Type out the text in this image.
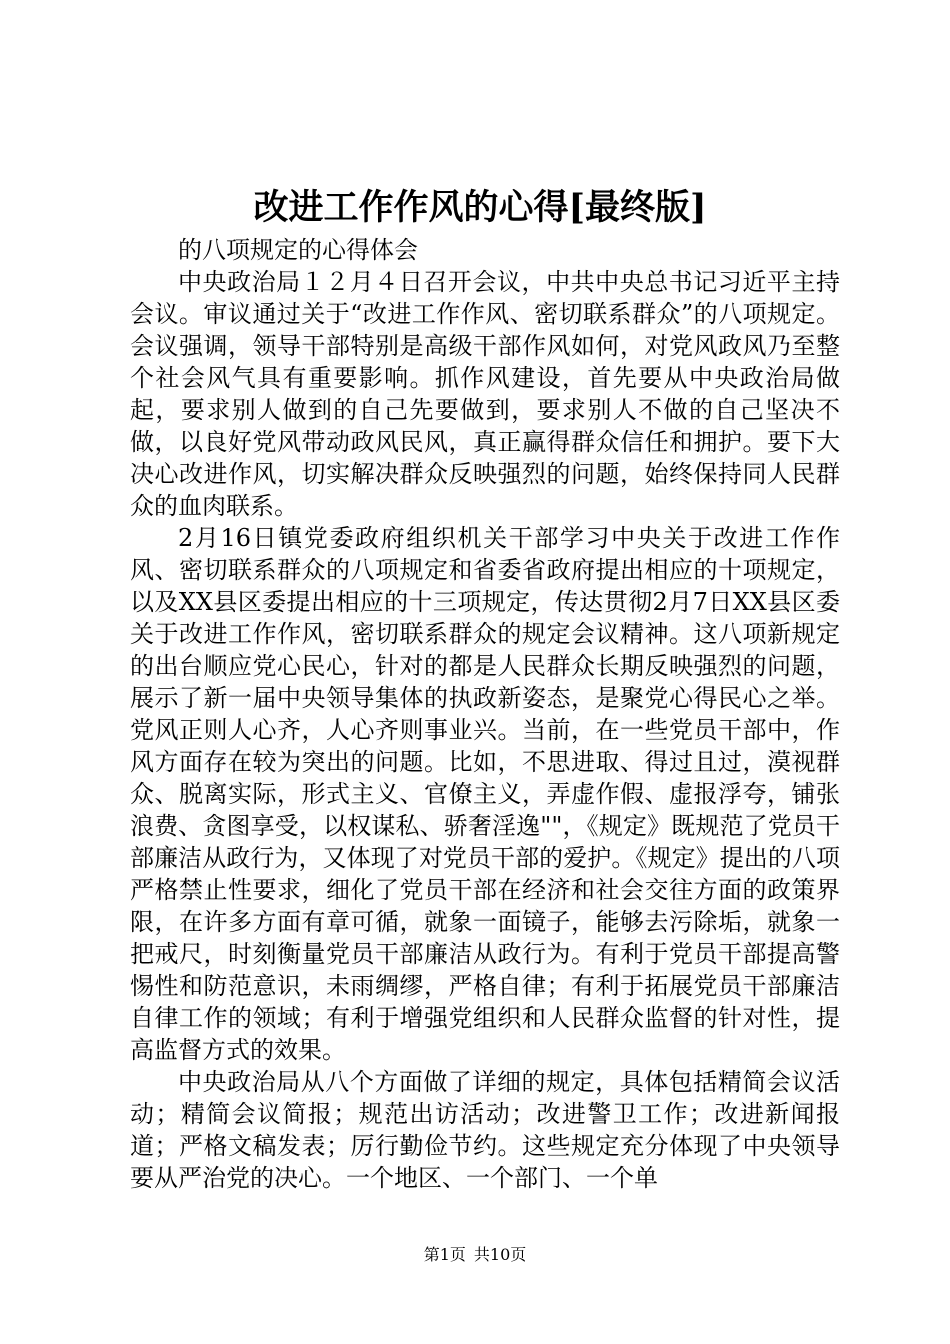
改进工作作风的心得[最终版]

的八项规定的心得体会

中央政治局１２月４日召开会议，中共中央总书记习近平主持会议。审议通过关于“改进工作作风、密切联系群众”的八项规定。会议强调，领导干部特别是高级干部作风如何，对党风政风乃至整个社会风气具有重要影响。抓作风建设，首先要从中央政治局做起，要求别人做到的自己先要做到，要求别人不做的自己坚决不做，以良好党风带动政风民风，真正赢得群众信任和拥护。要下大决心改进作风，切实解决群众反映强烈的问题，始终保持同人民群众的血肉联系。

2月16日镇党委政府组织机关干部学习中央关于改进工作作风、密切联系群众的八项规定和省委省政府提出相应的十项规定，以及XX县区委提出相应的十三项规定，传达贯彻2月7日XX县区委关于改进工作作风，密切联系群众的规定会议精神。这八项新规定的出台顺应党心民心，针对的都是人民群众长期反映强烈的问题，展示了新一届中央领导集体的执政新姿态，是聚党心得民心之举。党风正则人心齐，人心齐则事业兴。当前，在一些党员干部中，作风方面存在较为突出的问题。比如，不思进取、得过且过，漠视群众、脱离实际，形式主义、官僚主义，弄虚作假、虚报浮夸，铺张浪费、贪图享受，以权谋私、骄奢淫逸""，《规定》既规范了党员干部廉洁从政行为，又体现了对党员干部的爱护。《规定》提出的八项严格禁止性要求，细化了党员干部在经济和社会交往方面的政策界限，在许多方面有章可循，就象一面镜子，能够去污除垢，就象一把戒尺，时刻衡量党员干部廉洁从政行为。有利于党员干部提高警惕性和防范意识，未雨绸缪，严格自律；有利于拓展党员干部廉洁自律工作的领域；有利于增强党组织和人民群众监督的针对性，提高监督方式的效果。

中央政治局从八个方面做了详细的规定，具体包括精简会议活动；精简会议简报；规范出访活动；改进警卫工作；改进新闻报道；严格文稿发表；厉行勤俭节约。这些规定充分体现了中央领导要从严治党的决心。一个地区、一个部门、一个单

第1页 共10页
